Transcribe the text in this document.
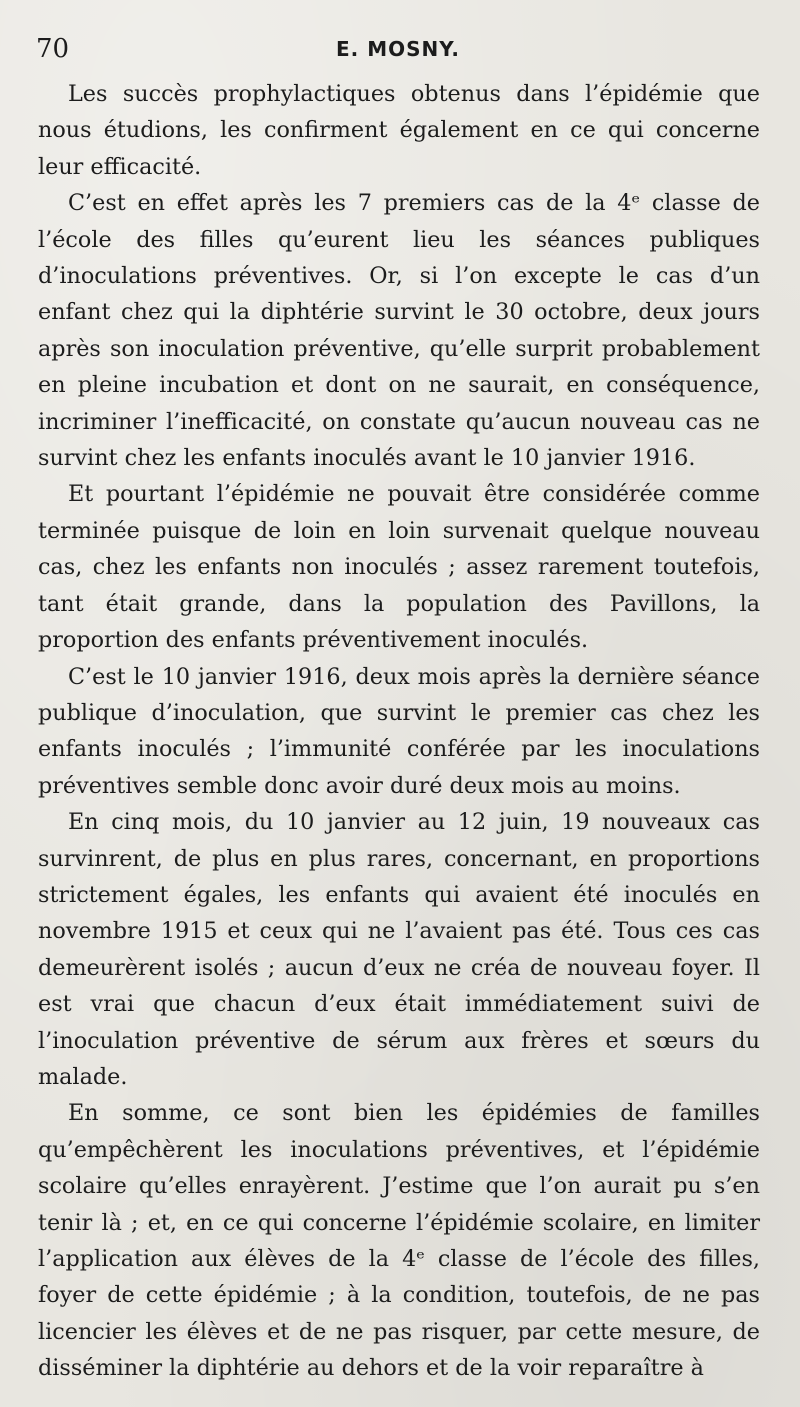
70	E. MOSNY.

Les succès prophylactiques obtenus dans l’épidémie que nous étudions, les confirment également en ce qui concerne leur efficacité.

C’est en effet après les 7 premiers cas de la 4ᵉ classe de l’école des filles qu’eurent lieu les séances publiques d’inoculations préventives. Or, si l’on excepte le cas d’un enfant chez qui la diphtérie survint le 30 octobre, deux jours après son inoculation préventive, qu’elle surprit probablement en pleine incubation et dont on ne saurait, en conséquence, incriminer l’inefficacité, on constate qu’aucun nouveau cas ne survint chez les enfants inoculés avant le 10 janvier 1916.

Et pourtant l’épidémie ne pouvait être considérée comme terminée puisque de loin en loin survenait quelque nouveau cas, chez les enfants non inoculés ; assez rarement toutefois, tant était grande, dans la population des Pavillons, la proportion des enfants préventivement inoculés.

C’est le 10 janvier 1916, deux mois après la dernière séance publique d’inoculation, que survint le premier cas chez les enfants inoculés ; l’immunité conférée par les inoculations préventives semble donc avoir duré deux mois au moins.

En cinq mois, du 10 janvier au 12 juin, 19 nouveaux cas survinrent, de plus en plus rares, concernant, en proportions strictement égales, les enfants qui avaient été inoculés en novembre 1915 et ceux qui ne l’avaient pas été. Tous ces cas demeurèrent isolés ; aucun d’eux ne créa de nouveau foyer. Il est vrai que chacun d’eux était immédiatement suivi de l’inoculation préventive de sérum aux frères et sœurs du malade.

En somme, ce sont bien les épidémies de familles qu’empêchèrent les inoculations préventives, et l’épidémie scolaire qu’elles enrayèrent. J’estime que l’on aurait pu s’en tenir là ; et, en ce qui concerne l’épidémie scolaire, en limiter l’application aux élèves de la 4ᵉ classe de l’école des filles, foyer de cette épidémie ; à la condition, toutefois, de ne pas licencier les élèves et de ne pas risquer, par cette mesure, de disséminer la diphtérie au dehors et de la voir reparaître à
